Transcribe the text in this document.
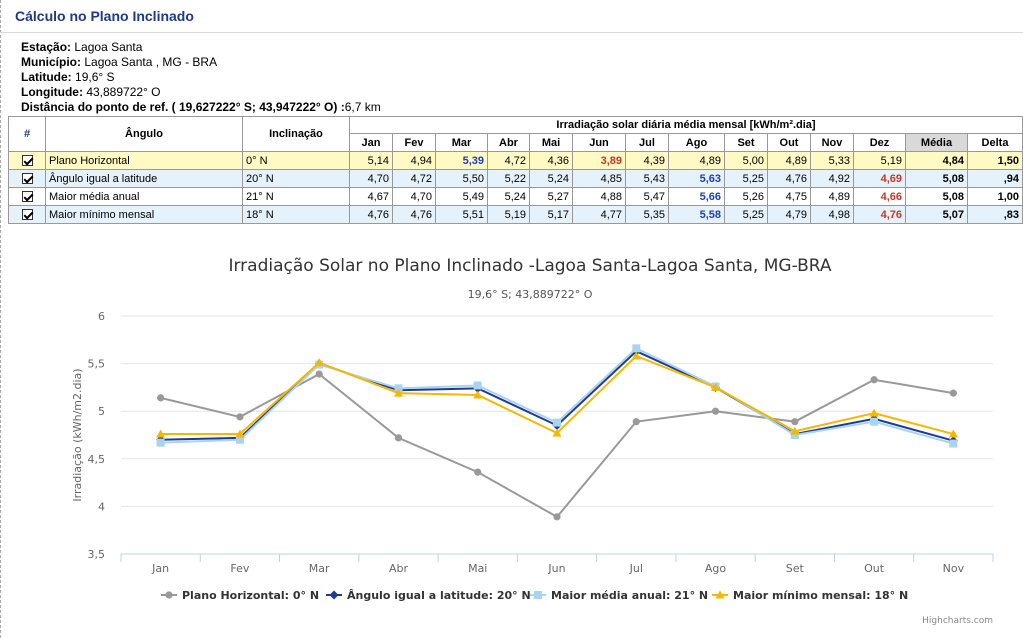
Cálculo no Plano Inclinado
Estação: Lagoa Santa
Município: Lagoa Santa , MG - BRA
Latitude: 19,6° S
Longitude: 43,889722° O
Distância do ponto de ref. ( 19,627222° S; 43,947222° O) :6,7 km
#	Ângulo	Inclinação	Irradiação solar diária média mensal [kWh/m².dia]													
			Jan	Fev	Mar	Abr	Mai	Jun	Jul	Ago	Set	Out	Nov	Dez	Média	Delta
	Plano Horizontal	0° N	5,14	4,94	5,39	4,72	4,36	3,89	4,39	4,89	5,00	4,89	5,33	5,19	4,84	1,50
	Ângulo igual a latitude	20° N	4,70	4,72	5,50	5,22	5,24	4,85	5,43	5,63	5,25	4,76	4,92	4,69	5,08	,94
	Maior média anual	21° N	4,67	4,70	5,49	5,24	5,27	4,88	5,47	5,66	5,26	4,75	4,89	4,66	5,08	1,00
	Maior mínimo mensal	18° N	4,76	4,76	5,51	5,19	5,17	4,77	5,35	5,58	5,25	4,79	4,98	4,76	5,07	,83
Irradiação Solar no Plano Inclinado -Lagoa Santa-Lagoa Santa, MG-BRA
19,6° S; 43,889722° O
Irradiação (kWh/m2.dia)
3,5
4
4,5
5
5,5
6
Jan	Fev	Mar	Abr	Mai	Jun	Jul	Ago	Set	Out	Nov
Plano Horizontal: 0° N	Ângulo igual a latitude: 20° N Maior média anual: 21° N Maior mínimo mensal: 18° N
Highcharts.com
